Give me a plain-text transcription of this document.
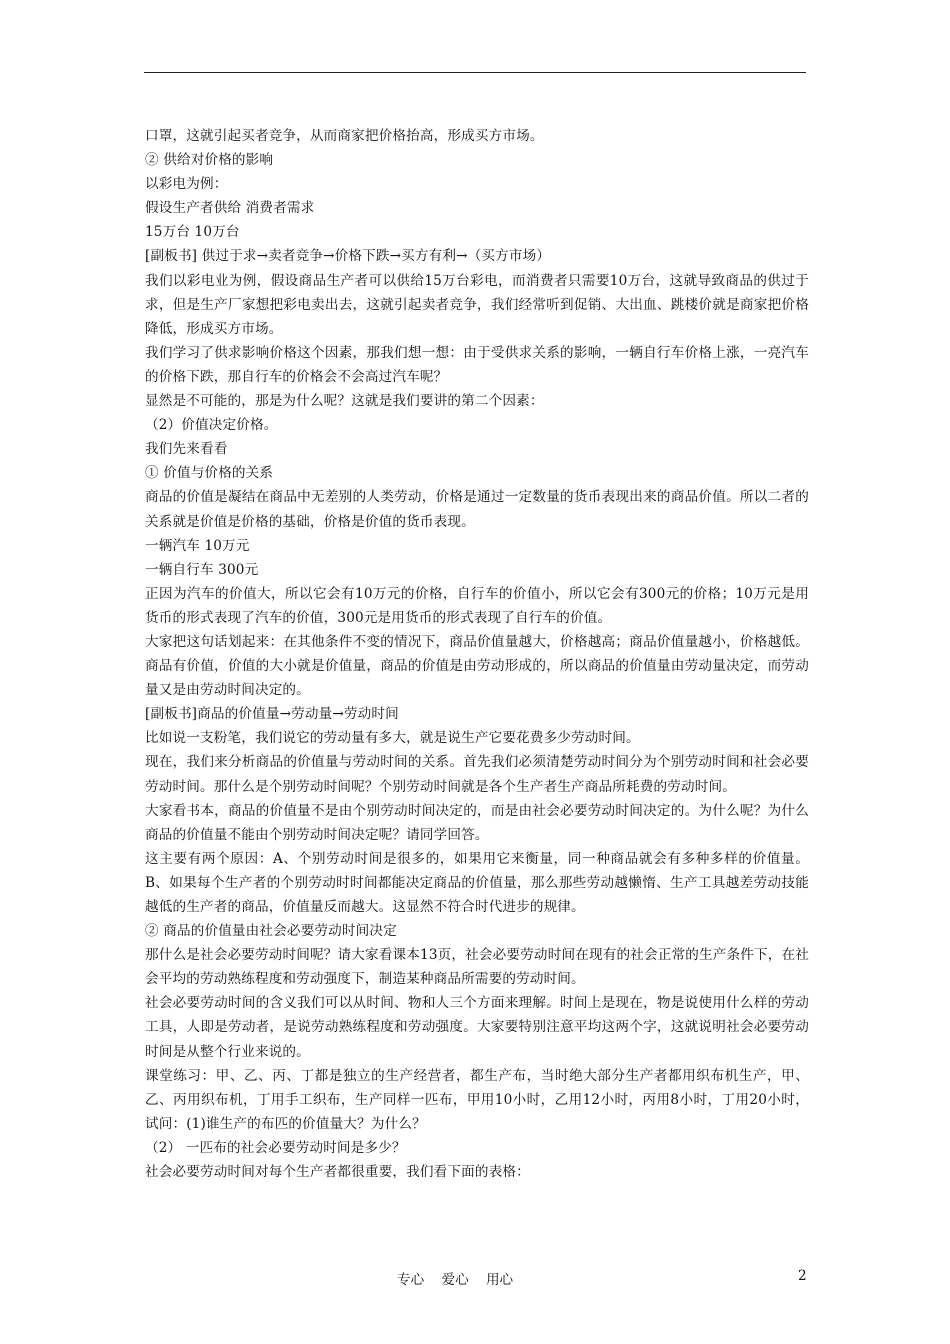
口罩，这就引起买者竞争，从而商家把价格抬高，形成买方市场。

② 供给对价格的影响

以彩电为例：

假设生产者供给 消费者需求

15万台 10万台

[副板书] 供过于求→卖者竞争→价格下跌→买方有利→（买方市场）

我们以彩电业为例，假设商品生产者可以供给15万台彩电，而消费者只需要10万台，这就导致商品的供过于求，但是生产厂家想把彩电卖出去，这就引起卖者竞争，我们经常听到促销、大出血、跳楼价就是商家把价格降低，形成买方市场。

我们学习了供求影响价格这个因素，那我们想一想：由于受供求关系的影响，一辆自行车价格上涨，一亮汽车的价格下跌，那自行车的价格会不会高过汽车呢？

显然是不可能的，那是为什么呢？这就是我们要讲的第二个因素：

（2）价值决定价格。

我们先来看看

① 价值与价格的关系

商品的价值是凝结在商品中无差别的人类劳动，价格是通过一定数量的货币表现出来的商品价值。所以二者的关系就是价值是价格的基础，价格是价值的货币表现。

一辆汽车 10万元

一辆自行车 300元

正因为汽车的价值大，所以它会有10万元的价格，自行车的价值小，所以它会有300元的价格；10万元是用货币的形式表现了汽车的价值，300元是用货币的形式表现了自行车的价值。

大家把这句话划起来：在其他条件不变的情况下，商品价值量越大，价格越高；商品价值量越小，价格越低。商品有价值，价值的大小就是价值量，商品的价值是由劳动形成的，所以商品的价值量由劳动量决定，而劳动量又是由劳动时间决定的。

[副板书]商品的价值量→劳动量→劳动时间

比如说一支粉笔，我们说它的劳动量有多大，就是说生产它要花费多少劳动时间。

现在，我们来分析商品的价值量与劳动时间的关系。首先我们必须清楚劳动时间分为个别劳动时间和社会必要劳动时间。那什么是个别劳动时间呢？个别劳动时间就是各个生产者生产商品所耗费的劳动时间。

大家看书本，商品的价值量不是由个别劳动时间决定的，而是由社会必要劳动时间决定的。为什么呢？为什么商品的价值量不能由个别劳动时间决定呢？请同学回答。

这主要有两个原因：A、个别劳动时间是很多的，如果用它来衡量，同一种商品就会有多种多样的价值量。B、如果每个生产者的个别劳动时时间都能决定商品的价值量，那么那些劳动越懒惰、生产工具越差劳动技能越低的生产者的商品，价值量反而越大。这显然不符合时代进步的规律。

② 商品的价值量由社会必要劳动时间决定

那什么是社会必要劳动时间呢？请大家看课本13页，社会必要劳动时间在现有的社会正常的生产条件下，在社会平均的劳动熟练程度和劳动强度下，制造某种商品所需要的劳动时间。

社会必要劳动时间的含义我们可以从时间、物和人三个方面来理解。时间上是现在，物是说使用什么样的劳动工具，人即是劳动者，是说劳动熟练程度和劳动强度。大家要特别注意平均这两个字，这就说明社会必要劳动时间是从整个行业来说的。

课堂练习：甲、乙、丙、丁都是独立的生产经营者，都生产布，当时绝大部分生产者都用织布机生产，甲、乙、丙用织布机，丁用手工织布，生产同样一匹布，甲用10小时，乙用12小时，丙用8小时，丁用20小时，试问：(1)谁生产的布匹的价值量大？为什么？

（2） 一匹布的社会必要劳动时间是多少？

社会必要劳动时间对每个生产者都很重要，我们看下面的表格：

专心    爱心    用心	2
